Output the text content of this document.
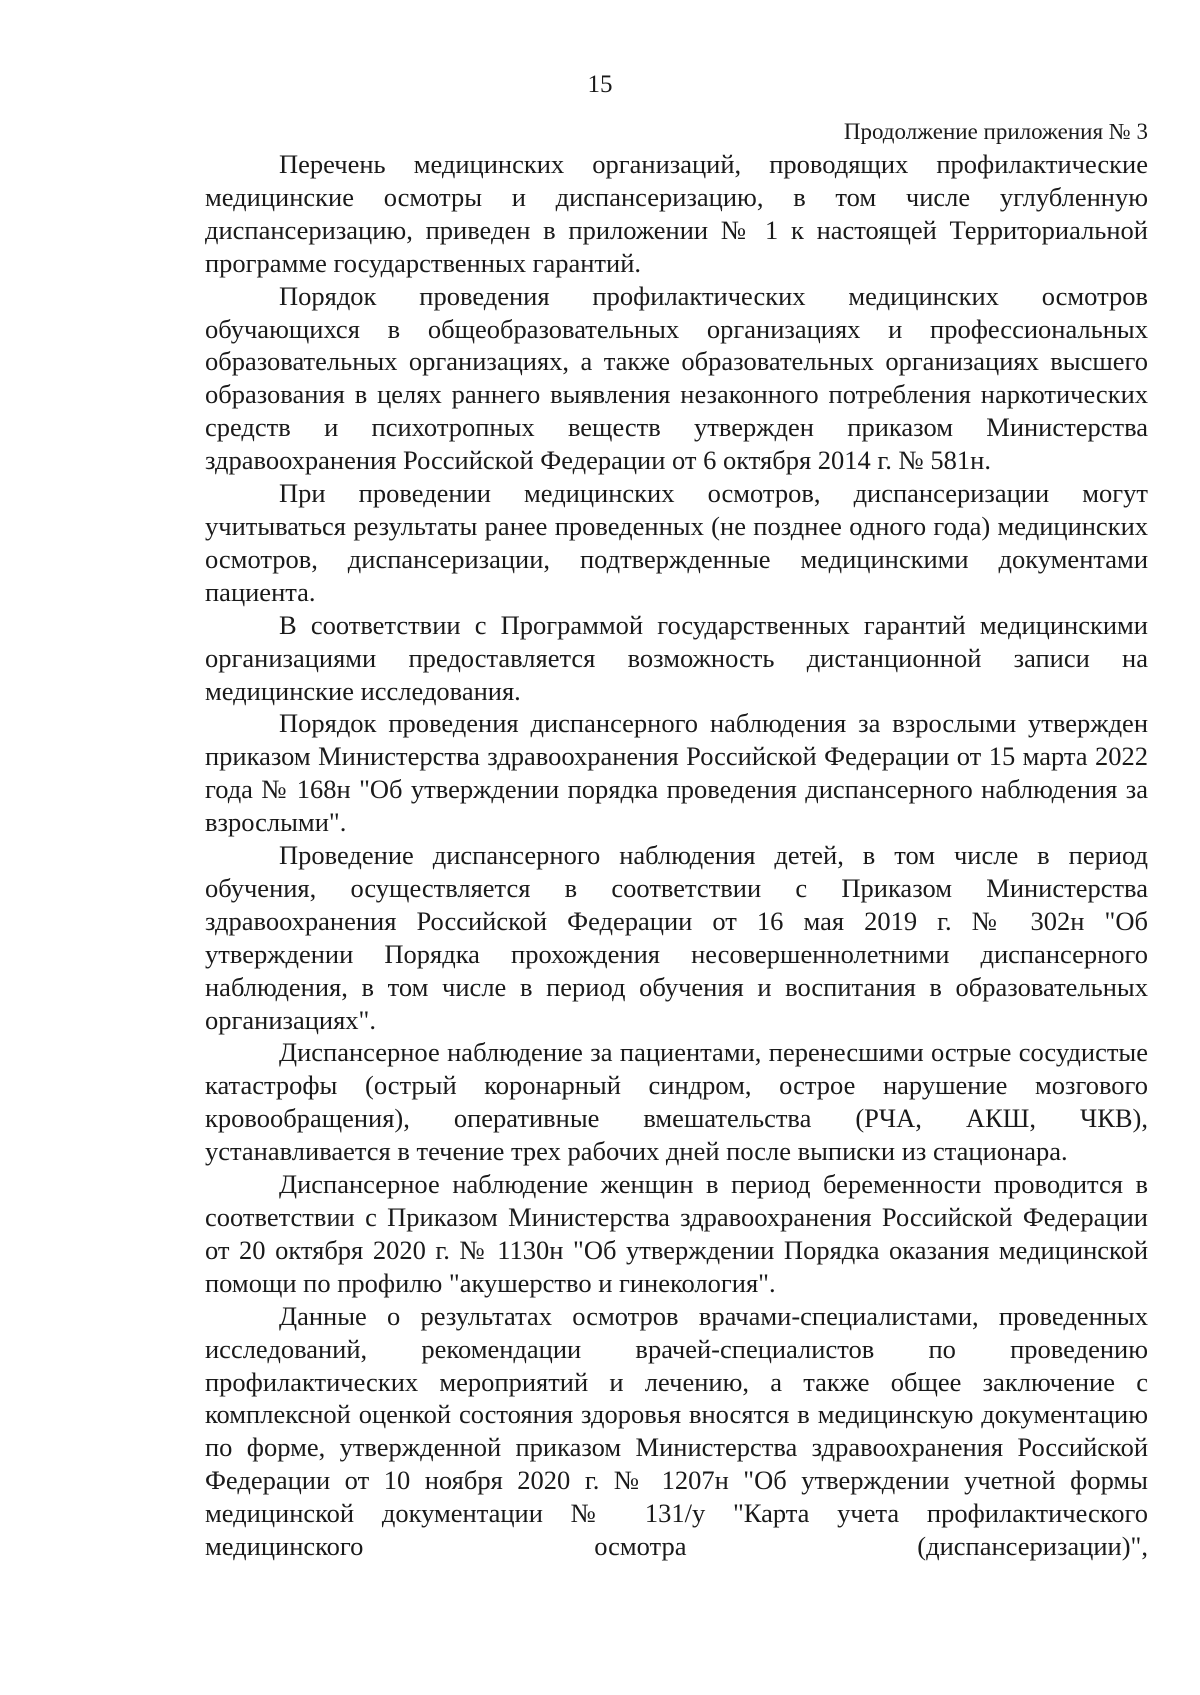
15
Продолжение приложения № 3

Перечень медицинских организаций, проводящих профилактические медицинские осмотры и диспансеризацию, в том числе углубленную диспансеризацию, приведен в приложении № 1 к настоящей Территориальной программе государственных гарантий.

Порядок проведения профилактических медицинских осмотров обучающихся в общеобразовательных организациях и профессиональных образовательных организациях, а также образовательных организациях высшего образования в целях раннего выявления незаконного потребления наркотических средств и психотропных веществ утвержден приказом Министерства здравоохранения Российской Федерации от 6 октября 2014 г. № 581н.

При проведении медицинских осмотров, диспансеризации могут учитываться результаты ранее проведенных (не позднее одного года) медицинских осмотров, диспансеризации, подтвержденные медицинскими документами пациента.

В соответствии с Программой государственных гарантий медицинскими организациями предоставляется возможность дистанционной записи на медицинские исследования.

Порядок проведения диспансерного наблюдения за взрослыми утвержден приказом Министерства здравоохранения Российской Федерации от 15 марта 2022 года № 168н "Об утверждении порядка проведения диспансерного наблюдения за взрослыми".

Проведение диспансерного наблюдения детей, в том числе в период обучения, осуществляется в соответствии с Приказом Министерства здравоохранения Российской Федерации от 16 мая 2019 г. № 302н "Об утверждении Порядка прохождения несовершеннолетними диспансерного наблюдения, в том числе в период обучения и воспитания в образовательных организациях".

Диспансерное наблюдение за пациентами, перенесшими острые сосудистые катастрофы (острый коронарный синдром, острое нарушение мозгового кровообращения), оперативные вмешательства (РЧА, АКШ, ЧКВ), устанавливается в течение трех рабочих дней после выписки из стационара.

Диспансерное наблюдение женщин в период беременности проводится в соответствии с Приказом Министерства здравоохранения Российской Федерации от 20 октября 2020 г. № 1130н "Об утверждении Порядка оказания медицинской помощи по профилю "акушерство и гинекология".

Данные о результатах осмотров врачами-специалистами, проведенных исследований, рекомендации врачей-специалистов по проведению профилактических мероприятий и лечению, а также общее заключение с комплексной оценкой состояния здоровья вносятся в медицинскую документацию по форме, утвержденной приказом Министерства здравоохранения Российской Федерации от 10 ноября 2020 г. № 1207н "Об утверждении учетной формы медицинской документации № 131/у "Карта учета профилактического медицинского осмотра (диспансеризации)",
